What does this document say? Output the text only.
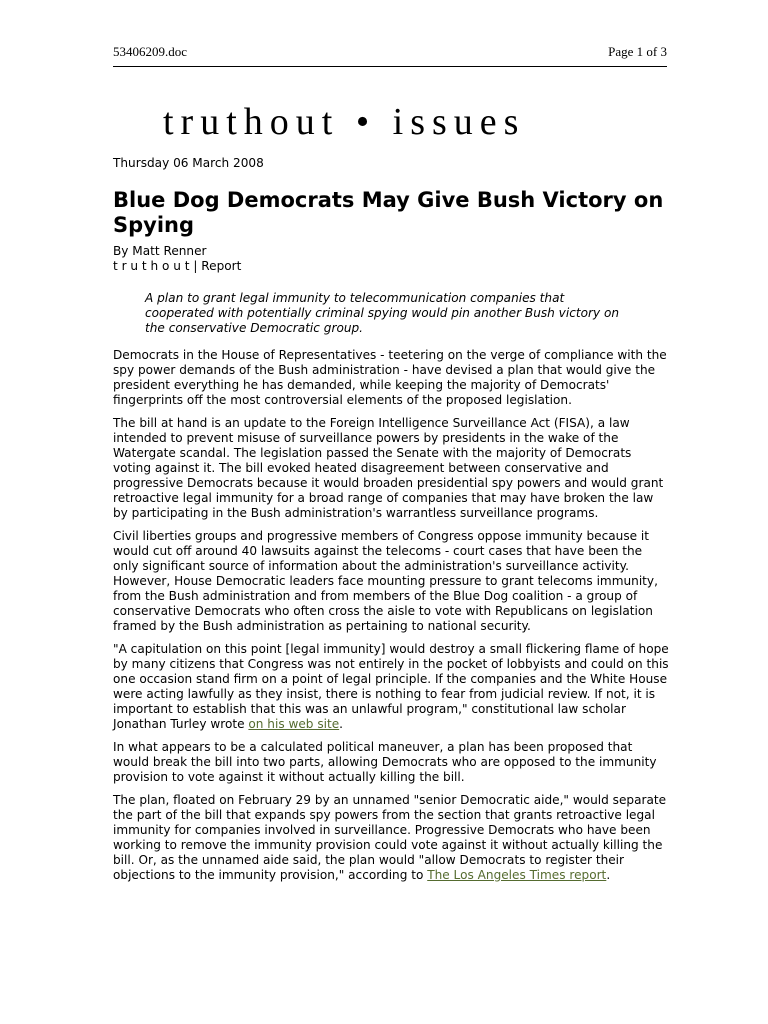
53406209.doc	Page 1 of 3
truthout • issues
Thursday 06 March 2008
Blue Dog Democrats May Give Bush Victory on Spying
By Matt Renner
t r u t h o u t | Report
A plan to grant legal immunity to telecommunication companies that cooperated with potentially criminal spying would pin another Bush victory on the conservative Democratic group.

Democrats in the House of Representatives - teetering on the verge of compliance with the spy power demands of the Bush administration - have devised a plan that would give the president everything he has demanded, while keeping the majority of Democrats' fingerprints off the most controversial elements of the proposed legislation.

The bill at hand is an update to the Foreign Intelligence Surveillance Act (FISA), a law intended to prevent misuse of surveillance powers by presidents in the wake of the Watergate scandal. The legislation passed the Senate with the majority of Democrats voting against it. The bill evoked heated disagreement between conservative and progressive Democrats because it would broaden presidential spy powers and would grant retroactive legal immunity for a broad range of companies that may have broken the law by participating in the Bush administration's warrantless surveillance programs.

Civil liberties groups and progressive members of Congress oppose immunity because it would cut off around 40 lawsuits against the telecoms - court cases that have been the only significant source of information about the administration's surveillance activity. However, House Democratic leaders face mounting pressure to grant telecoms immunity, from the Bush administration and from members of the Blue Dog coalition - a group of conservative Democrats who often cross the aisle to vote with Republicans on legislation framed by the Bush administration as pertaining to national security.

"A capitulation on this point [legal immunity] would destroy a small flickering flame of hope by many citizens that Congress was not entirely in the pocket of lobbyists and could on this one occasion stand firm on a point of legal principle. If the companies and the White House were acting lawfully as they insist, there is nothing to fear from judicial review. If not, it is important to establish that this was an unlawful program," constitutional law scholar Jonathan Turley wrote on his web site.

In what appears to be a calculated political maneuver, a plan has been proposed that would break the bill into two parts, allowing Democrats who are opposed to the immunity provision to vote against it without actually killing the bill.

The plan, floated on February 29 by an unnamed "senior Democratic aide," would separate the part of the bill that expands spy powers from the section that grants retroactive legal immunity for companies involved in surveillance. Progressive Democrats who have been working to remove the immunity provision could vote against it without actually killing the bill. Or, as the unnamed aide said, the plan would "allow Democrats to register their objections to the immunity provision," according to The Los Angeles Times report.
